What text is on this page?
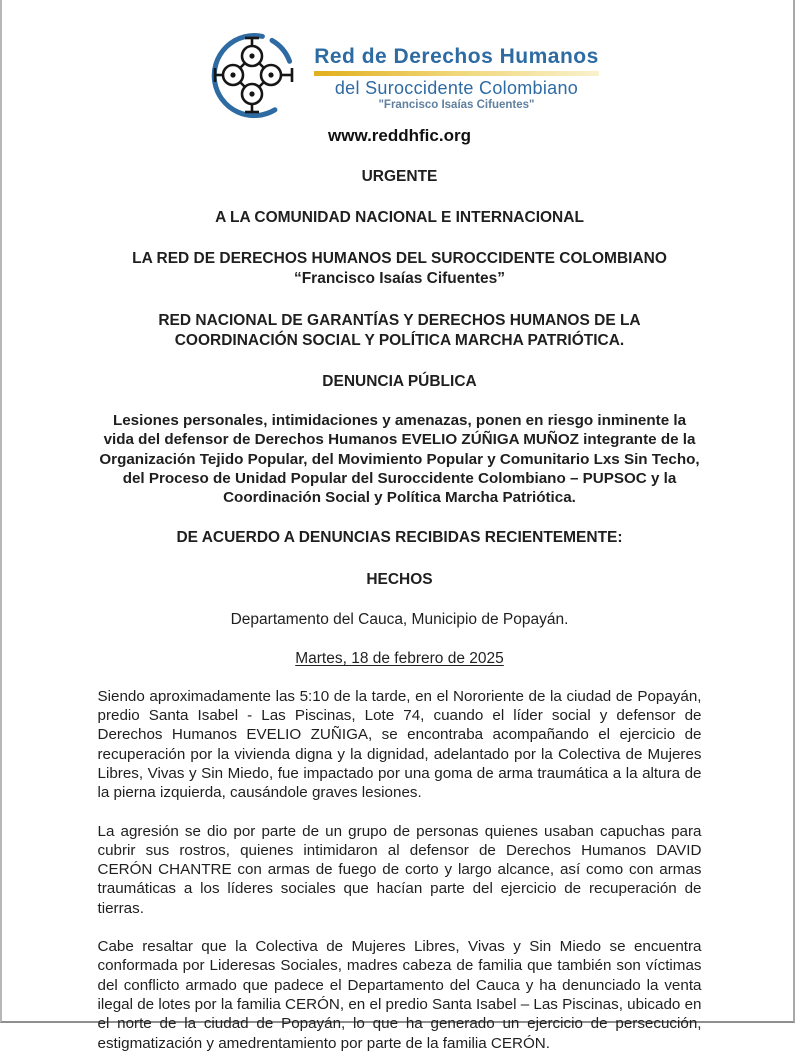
Red de Derechos Humanos
del Suroccidente Colombiano
"Francisco Isaías Cifuentes"
www.reddhfic.org
URGENTE
A LA COMUNIDAD NACIONAL E INTERNACIONAL
LA RED DE DERECHOS HUMANOS DEL SUROCCIDENTE COLOMBIANO
“Francisco Isaías Cifuentes”
RED NACIONAL DE GARANTÍAS Y DERECHOS HUMANOS DE LA
COORDINACIÓN SOCIAL Y POLÍTICA MARCHA PATRIÓTICA.
DENUNCIA PÚBLICA
Lesiones personales, intimidaciones y amenazas, ponen en riesgo inminente la vida del defensor de Derechos Humanos EVELIO ZÚÑIGA MUÑOZ integrante de la Organización Tejido Popular, del Movimiento Popular y Comunitario Lxs Sin Techo, del Proceso de Unidad Popular del Suroccidente Colombiano – PUPSOC y la Coordinación Social y Política Marcha Patriótica.
DE ACUERDO A DENUNCIAS RECIBIDAS RECIENTEMENTE:
HECHOS
Departamento del Cauca, Municipio de Popayán.
Martes, 18 de febrero de 2025

Siendo aproximadamente las 5:10 de la tarde, en el Nororiente de la ciudad de Popayán, predio Santa Isabel - Las Piscinas, Lote 74, cuando el líder social y defensor de Derechos Humanos EVELIO ZUÑIGA, se encontraba acompañando el ejercicio de recuperación por la vivienda digna y la dignidad, adelantado por la Colectiva de Mujeres Libres, Vivas y Sin Miedo, fue impactado por una goma de arma traumática a la altura de la pierna izquierda, causándole graves lesiones.

La agresión se dio por parte de un grupo de personas quienes usaban capuchas para cubrir sus rostros, quienes intimidaron al defensor de Derechos Humanos DAVID CERÓN CHANTRE con armas de fuego de corto y largo alcance, así como con armas traumáticas a los líderes sociales que hacían parte del ejercicio de recuperación de tierras.

Cabe resaltar que la Colectiva de Mujeres Libres, Vivas y Sin Miedo se encuentra conformada por Lideresas Sociales, madres cabeza de familia que también son víctimas del conflicto armado que padece el Departamento del Cauca y ha denunciado la venta ilegal de lotes por la familia CERÓN, en el predio Santa Isabel – Las Piscinas, ubicado en el norte de la ciudad de Popayán, lo que ha generado un ejercicio de persecución, estigmatización y amedrentamiento por parte de la familia CERÓN.
